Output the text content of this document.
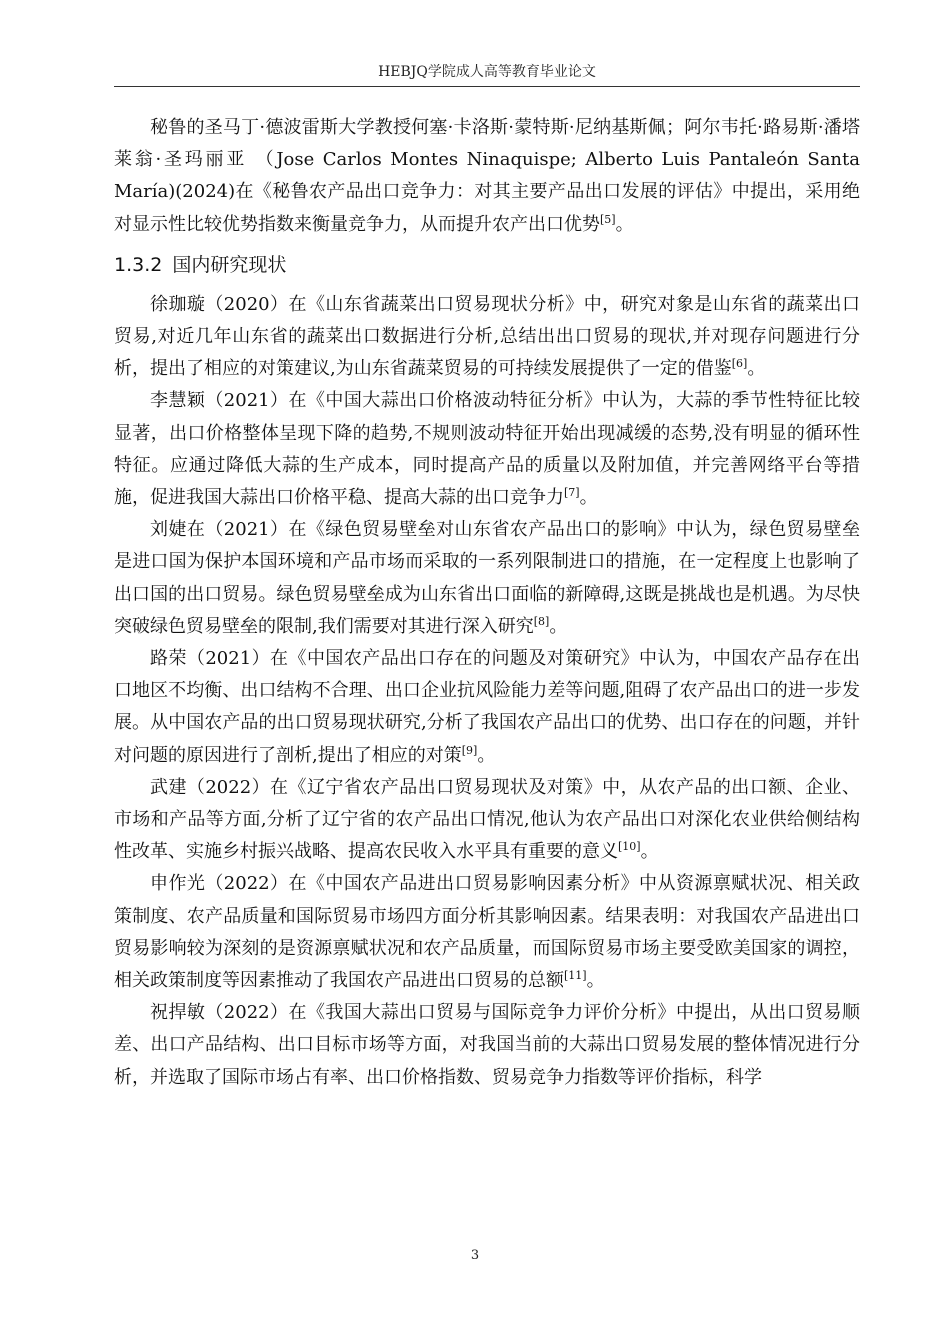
HEBJQ学院成人高等教育毕业论文

秘鲁的圣马丁·德波雷斯大学教授何塞·卡洛斯·蒙特斯·尼纳基斯佩；阿尔韦托·路易斯·潘塔莱翁·圣玛丽亚 （Jose Carlos Montes Ninaquispe; Alberto Luis Pantaleón Santa María)(2024)在《秘鲁农产品出口竞争力：对其主要产品出口发展的评估》中提出，采用绝对显示性比较优势指数来衡量竞争力，从而提升农产出口优势[5]。

1.3.2 国内研究现状

徐珈璇（2020）在《山东省蔬菜出口贸易现状分析》中，研究对象是山东省的蔬菜出口贸易,对近几年山东省的蔬菜出口数据进行分析,总结出出口贸易的现状,并对现存问题进行分析，提出了相应的对策建议,为山东省蔬菜贸易的可持续发展提供了一定的借鉴[6]。

李慧颖（2021）在《中国大蒜出口价格波动特征分析》中认为，大蒜的季节性特征比较显著，出口价格整体呈现下降的趋势,不规则波动特征开始出现减缓的态势,没有明显的循环性特征。应通过降低大蒜的生产成本，同时提高产品的质量以及附加值，并完善网络平台等措施，促进我国大蒜出口价格平稳、提高大蒜的出口竞争力[7]。

刘婕在（2021）在《绿色贸易壁垒对山东省农产品出口的影响》中认为，绿色贸易壁垒是进口国为保护本国环境和产品市场而采取的一系列限制进口的措施，在一定程度上也影响了出口国的出口贸易。绿色贸易壁垒成为山东省出口面临的新障碍,这既是挑战也是机遇。为尽快突破绿色贸易壁垒的限制,我们需要对其进行深入研究[8]。

路荣（2021）在《中国农产品出口存在的问题及对策研究》中认为，中国农产品存在出口地区不均衡、出口结构不合理、出口企业抗风险能力差等问题,阻碍了农产品出口的进一步发展。从中国农产品的出口贸易现状研究,分析了我国农产品出口的优势、出口存在的问题，并针对问题的原因进行了剖析,提出了相应的对策[9]。

武建（2022）在《辽宁省农产品出口贸易现状及对策》中，从农产品的出口额、企业、市场和产品等方面,分析了辽宁省的农产品出口情况,他认为农产品出口对深化农业供给侧结构性改革、实施乡村振兴战略、提高农民收入水平具有重要的意义[10]。

申作光（2022）在《中国农产品进出口贸易影响因素分析》中从资源禀赋状况、相关政策制度、农产品质量和国际贸易市场四方面分析其影响因素。结果表明：对我国农产品进出口贸易影响较为深刻的是资源禀赋状况和农产品质量，而国际贸易市场主要受欧美国家的调控，相关政策制度等因素推动了我国农产品进出口贸易的总额[11]。

祝捍敏（2022）在《我国大蒜出口贸易与国际竞争力评价分析》中提出，从出口贸易顺差、出口产品结构、出口目标市场等方面，对我国当前的大蒜出口贸易发展的整体情况进行分析，并选取了国际市场占有率、出口价格指数、贸易竞争力指数等评价指标，科学

3
